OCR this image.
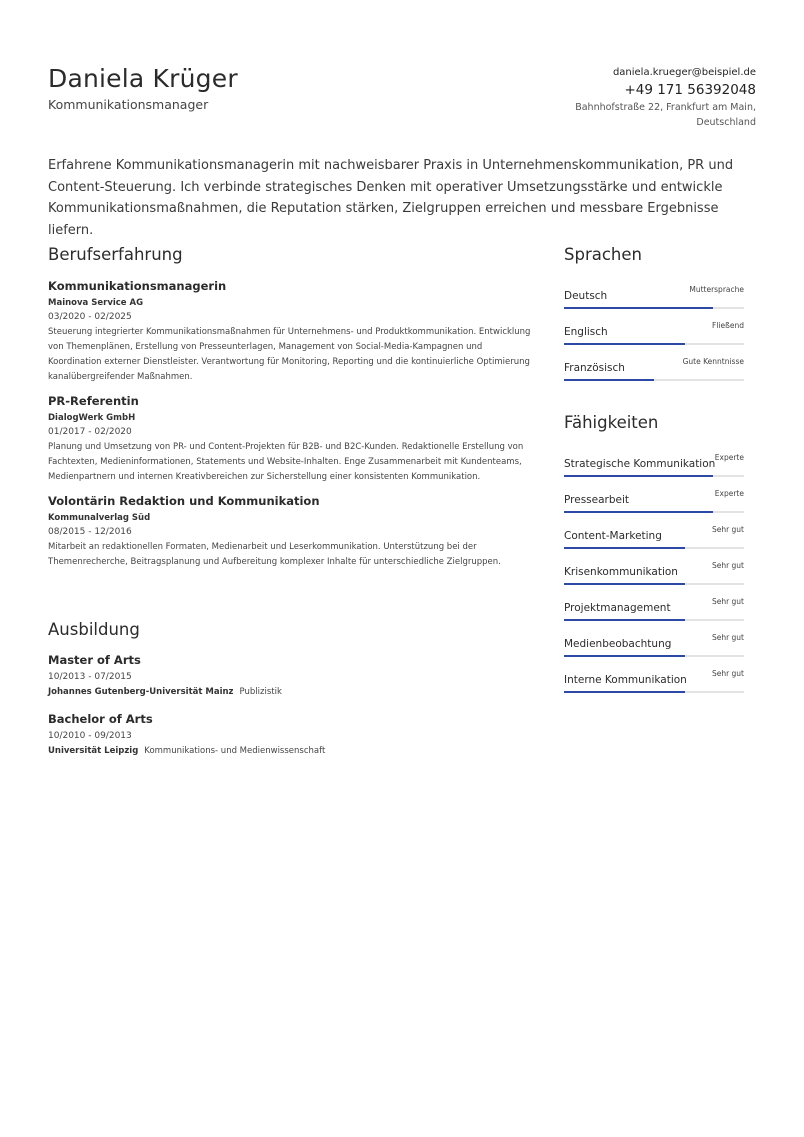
Daniela Krüger
Kommunikationsmanager
daniela.krueger@beispiel.de
+49 171 56392048
Bahnhofstraße 22, Frankfurt am Main,
Deutschland
Erfahrene Kommunikationsmanagerin mit nachweisbarer Praxis in Unternehmenskommunikation, PR und Content-Steuerung. Ich verbinde strategisches Denken mit operativer Umsetzungsstärke und entwickle Kommunikationsmaßnahmen, die Reputation stärken, Zielgruppen erreichen und messbare Ergebnisse liefern.
Berufserfahrung
Kommunikationsmanagerin
Mainova Service AG
03/2020 - 02/2025
Steuerung integrierter Kommunikationsmaßnahmen für Unternehmens- und Produktkommunikation. Entwicklung von Themenplänen, Erstellung von Presseunterlagen, Management von Social-Media-Kampagnen und Koordination externer Dienstleister. Verantwortung für Monitoring, Reporting und die kontinuierliche Optimierung kanalübergreifender Maßnahmen.
PR-Referentin
DialogWerk GmbH
01/2017 - 02/2020
Planung und Umsetzung von PR- und Content-Projekten für B2B- und B2C-Kunden. Redaktionelle Erstellung von Fachtexten, Medieninformationen, Statements und Website-Inhalten. Enge Zusammenarbeit mit Kundenteams, Medienpartnern und internen Kreativbereichen zur Sicherstellung einer konsistenten Kommunikation.
Volontärin Redaktion und Kommunikation
Kommunalverlag Süd
08/2015 - 12/2016
Mitarbeit an redaktionellen Formaten, Medienarbeit und Leserkommunikation. Unterstützung bei der Themenrecherche, Beitragsplanung und Aufbereitung komplexer Inhalte für unterschiedliche Zielgruppen.
Ausbildung
Master of Arts
10/2013 - 07/2015
Johannes Gutenberg-Universität Mainz Publizistik
Bachelor of Arts
10/2010 - 09/2013
Universität Leipzig Kommunikations- und Medienwissenschaft
Sprachen
Deutsch
Muttersprache
Englisch
Fließend
Französisch
Gute Kenntnisse
Fähigkeiten
Strategische Kommunikation
Experte
Pressearbeit
Experte
Content-Marketing
Sehr gut
Krisenkommunikation
Sehr gut
Projektmanagement
Sehr gut
Medienbeobachtung
Sehr gut
Interne Kommunikation
Sehr gut
